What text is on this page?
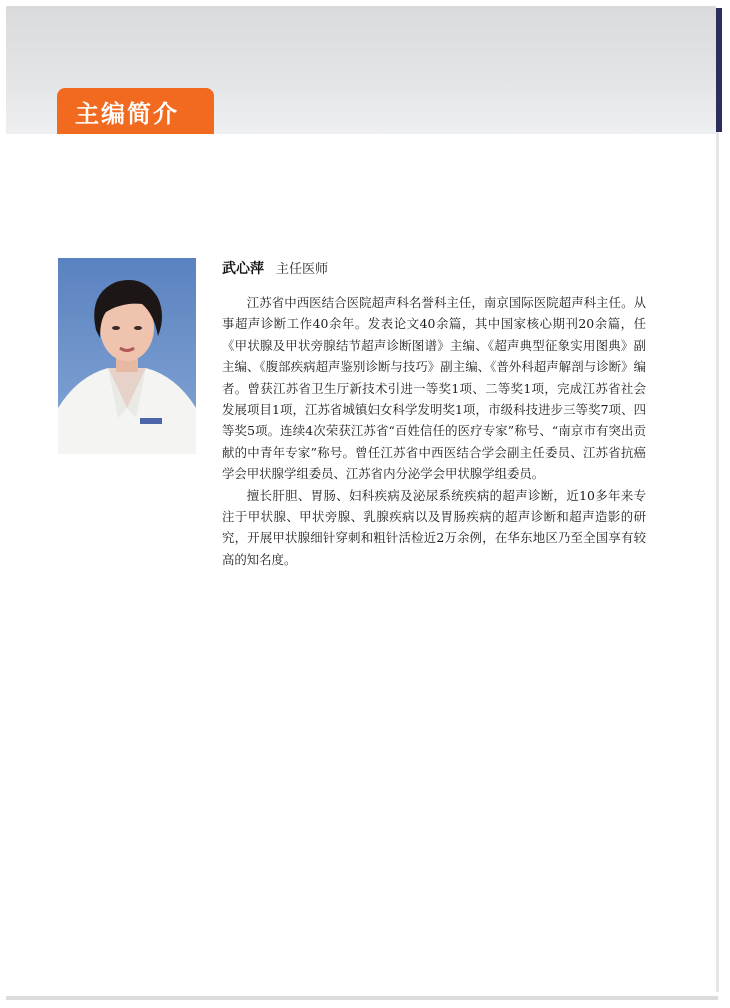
主编简介
武心萍 主任医师

江苏省中西医结合医院超声科名誉科主任，南京国际医院超声科主任。从事超声诊断工作40余年。发表论文40余篇，其中国家核心期刊20余篇，任《甲状腺及甲状旁腺结节超声诊断图谱》主编、《超声典型征象实用图典》副主编、《腹部疾病超声鉴别诊断与技巧》副主编、《普外科超声解剖与诊断》编者。曾获江苏省卫生厅新技术引进一等奖1项、二等奖1项，完成江苏省社会发展项目1项，江苏省城镇妇女科学发明奖1项，市级科技进步三等奖7项、四等奖5项。连续4次荣获江苏省“百姓信任的医疗专家”称号、“南京市有突出贡献的中青年专家”称号。曾任江苏省中西医结合学会副主任委员、江苏省抗癌学会甲状腺学组委员、江苏省内分泌学会甲状腺学组委员。

擅长肝胆、胃肠、妇科疾病及泌尿系统疾病的超声诊断，近10多年来专注于甲状腺、甲状旁腺、乳腺疾病以及胃肠疾病的超声诊断和超声造影的研究，开展甲状腺细针穿刺和粗针活检近2万余例，在华东地区乃至全国享有较高的知名度。
